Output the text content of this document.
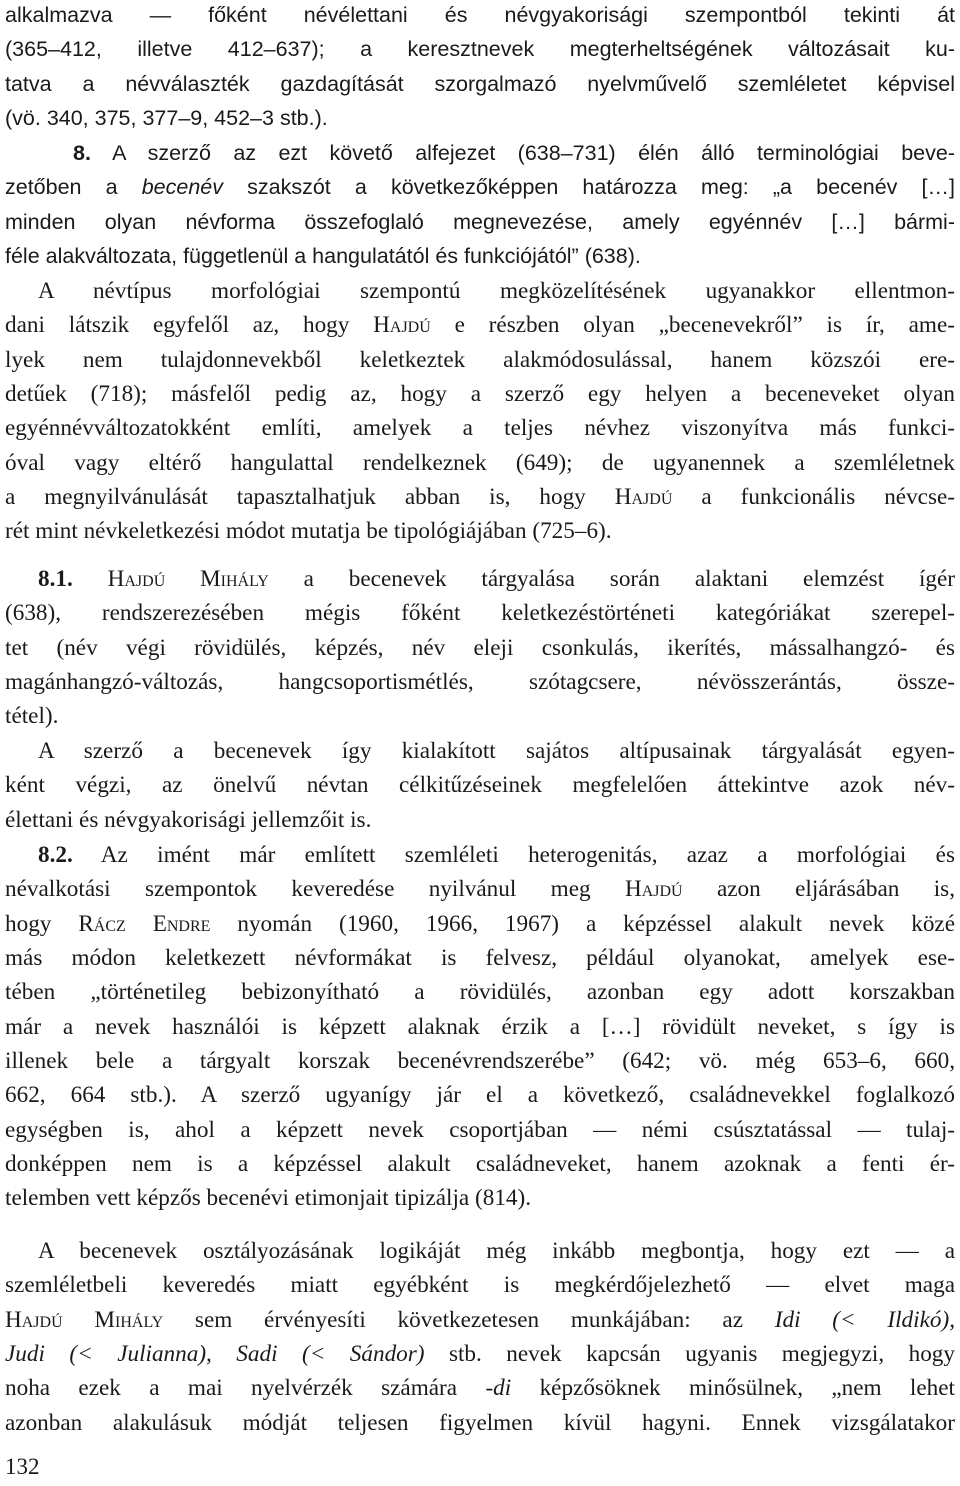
alkalmazva — főként névélettani és névgyakorisági szempontból tekinti át
(365–412, illetve 412–637); a keresztnevek megterheltségének változásait ku-
tatva a névválaszték gazdagítását szorgalmazó nyelvművelő szemléletet képvisel
(vö. 340, 375, 377–9, 452–3 stb.).

8. A szerző az ezt követő alfejezet (638–731) élén álló terminológiai beve-
zetőben a becenév szakszót a következőképpen határozza meg: „a becenév […]
minden olyan névforma összefoglaló megnevezése, amely egyénnév […] bármi-
féle alakváltozata, függetlenül a hangulatától és funkciójától” (638).

A névtípus morfológiai szempontú megközelítésének ugyanakkor ellentmon-
dani látszik egyfelől az, hogy Hajdú e részben olyan „becenevekről” is ír, ame-
lyek nem tulajdonnevekből keletkeztek alakmódosulással, hanem közszói ere-
detűek (718); másfelől pedig az, hogy a szerző egy helyen a beceneveket olyan
egyénnévváltozatokként említi, amelyek a teljes névhez viszonyítva más funkci-
óval vagy eltérő hangulattal rendelkeznek (649); de ugyanennek a szemléletnek
a megnyilvánulását tapasztalhatjuk abban is, hogy Hajdú a funkcionális névcse-
rét mint névkeletkezési módot mutatja be tipológiájában (725–6).

8.1. Hajdú Mihály a becenevek tárgyalása során alaktani elemzést ígér
(638), rendszerezésében mégis főként keletkezéstörténeti kategóriákat szerepel-
tet (név végi rövidülés, képzés, név eleji csonkulás, ikerítés, mássalhangzó- és
magánhangzó-változás, hangcsoportismétlés, szótagcsere, névösszerántás, össze-
tétel).

A szerző a becenevek így kialakított sajátos altípusainak tárgyalását egyen-
ként végzi, az önelvű névtan célkitűzéseinek megfelelően áttekintve azok név-
élettani és névgyakorisági jellemzőit is.

8.2. Az imént már említett szemléleti heterogenitás, azaz a morfológiai és
névalkotási szempontok keveredése nyilvánul meg Hajdú azon eljárásában is,
hogy Rácz Endre nyomán (1960, 1966, 1967) a képzéssel alakult nevek közé
más módon keletkezett névformákat is felvesz, például olyanokat, amelyek ese-
tében „történetileg bebizonyítható a rövidülés, azonban egy adott korszakban
már a nevek használói is képzett alaknak érzik a […] rövidült neveket, s így is
illenek bele a tárgyalt korszak becenévrendszerébe” (642; vö. még 653–6, 660,
662, 664 stb.). A szerző ugyanígy jár el a következő, családnevekkel foglalkozó
egységben is, ahol a képzett nevek csoportjában — némi csúsztatással — tulaj-
donképpen nem is a képzéssel alakult családneveket, hanem azoknak a fenti ér-
telemben vett képzős becenévi etimonjait tipizálja (814).

A becenevek osztályozásának logikáját még inkább megbontja, hogy ezt — a
szemléletbeli keveredés miatt egyébként is megkérdőjelezhető — elvet maga
Hajdú Mihály sem érvényesíti következetesen munkájában: az Idi (< Ildikó),
Judi (< Julianna), Sadi (< Sándor) stb. nevek kapcsán ugyanis megjegyzi, hogy
noha ezek a mai nyelvérzék számára -di képzősöknek minősülnek, „nem lehet
azonban alakulásuk módját teljesen figyelmen kívül hagyni. Ennek vizsgálatakor

132
